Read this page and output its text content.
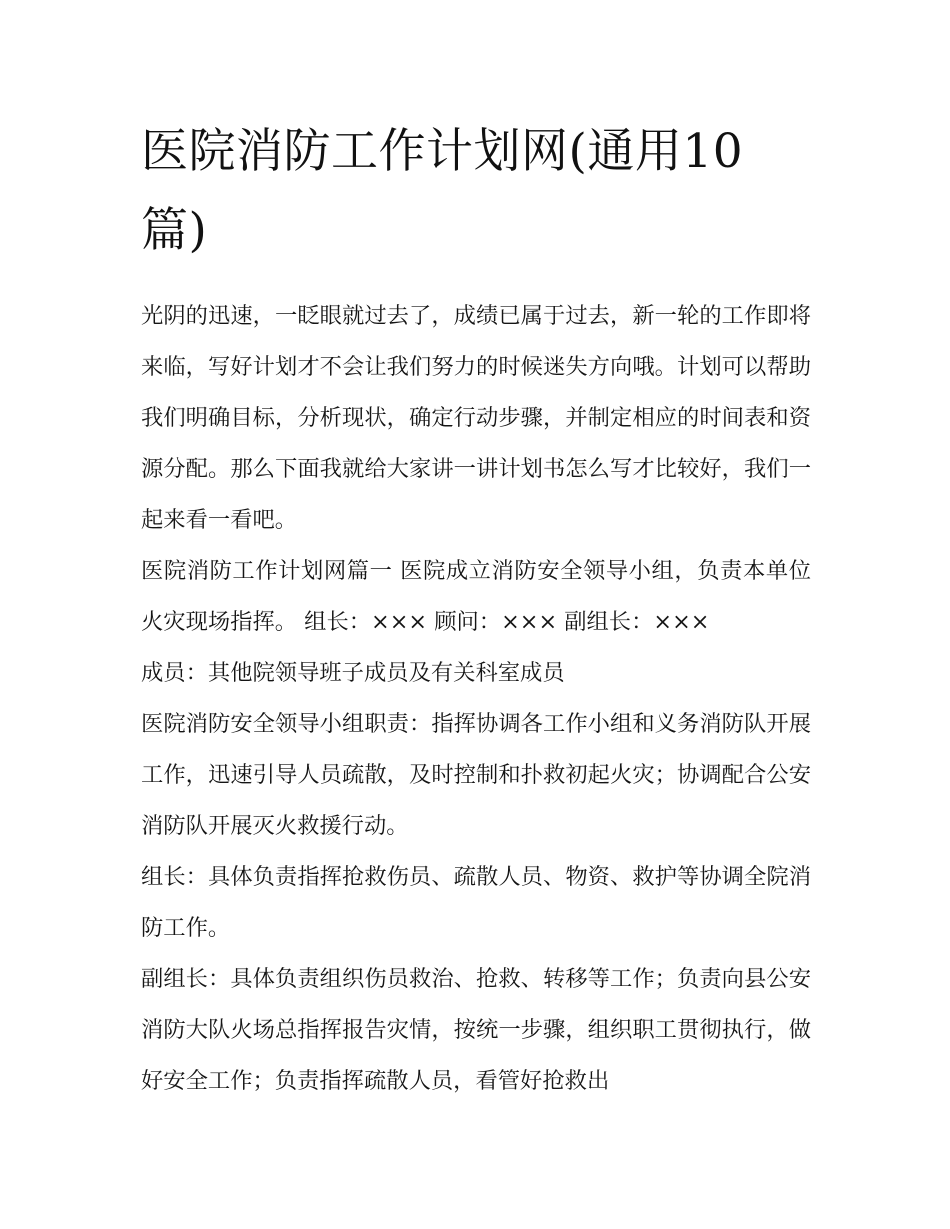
医院消防工作计划网(通用10篇)

光阴的迅速，一眨眼就过去了，成绩已属于过去，新一轮的工作即将来临，写好计划才不会让我们努力的时候迷失方向哦。计划可以帮助我们明确目标，分析现状，确定行动步骤，并制定相应的时间表和资源分配。那么下面我就给大家讲一讲计划书怎么写才比较好，我们一起来看一看吧。

医院消防工作计划网篇一 医院成立消防安全领导小组，负责本单位火灾现场指挥。 组长：××× 顾问：××× 副组长：×××

成员：其他院领导班子成员及有关科室成员

医院消防安全领导小组职责：指挥协调各工作小组和义务消防队开展工作，迅速引导人员疏散，及时控制和扑救初起火灾；协调配合公安消防队开展灭火救援行动。

组长：具体负责指挥抢救伤员、疏散人员、物资、救护等协调全院消防工作。

副组长：具体负责组织伤员救治、抢救、转移等工作；负责向县公安消防大队火场总指挥报告灾情，按统一步骤，组织职工贯彻执行，做好安全工作；负责指挥疏散人员，看管好抢救出
